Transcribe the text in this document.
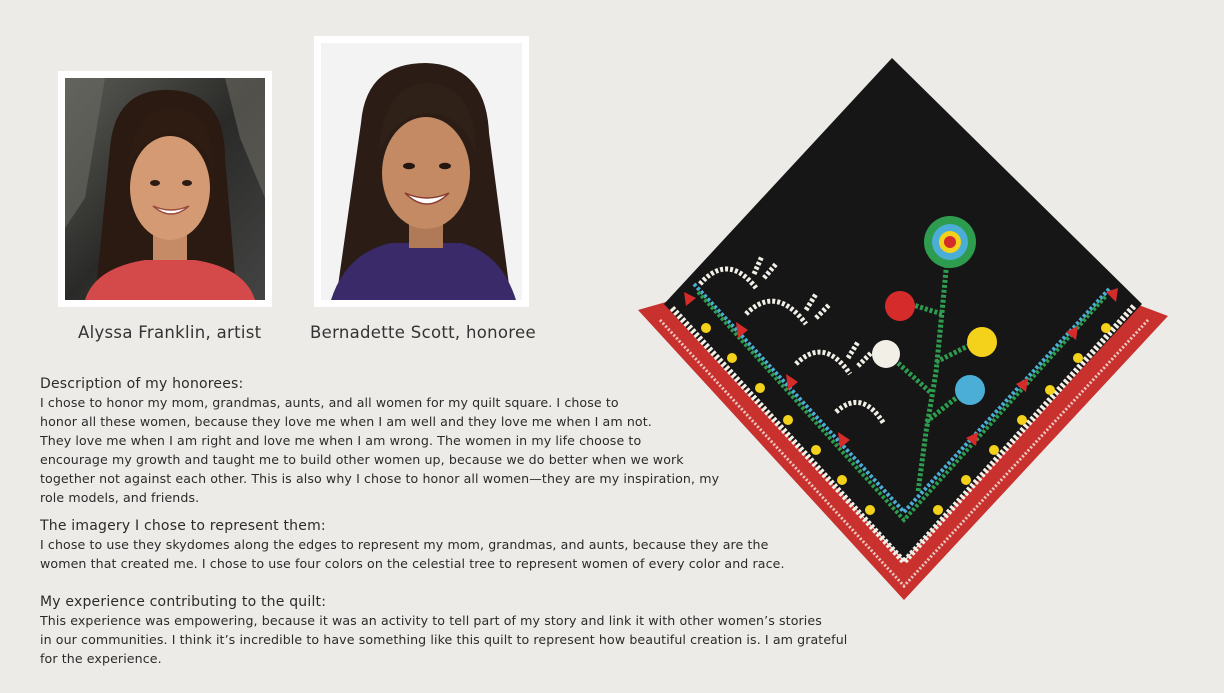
Alyssa Franklin, artist	Bernadette Scott, honoree

Description of my honorees:

I chose to honor my mom, grandmas, aunts, and all women for my quilt square. I chose to

honor all these women, because they love me when I am well and they love me when I am not.

They love me when I am right and love me when I am wrong. The women in my life choose to

encourage my growth and taught me to build other women up, because we do better when we work

together not against each other. This is also why I chose to honor all women—they are my inspiration, my

role models, and friends.

The imagery I chose to represent them:

I chose to use they skydomes along the edges to represent my mom, grandmas, and aunts, because they are the

women that created me. I chose to use four colors on the celestial tree to represent women of every color and race.

My experience contributing to the quilt:

This experience was empowering, because it was an activity to tell part of my story and link it with other women’s stories

in our communities. I think it’s incredible to have something like this quilt to represent how beautiful creation is. I am grateful

for the experience.
